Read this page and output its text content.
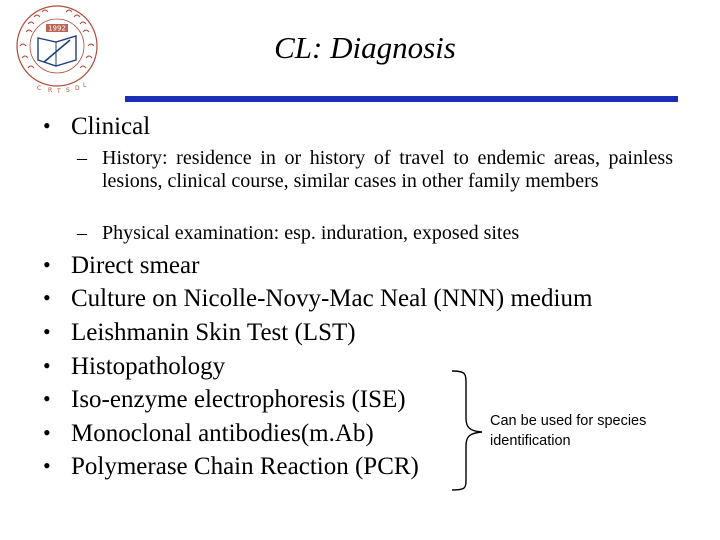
1992
C R T S D L
CL: Diagnosis
• Clinical
– History: residence in or history of travel to endemic areas, painless lesions, clinical course, similar cases in other family members
– Physical examination: esp. induration, exposed sites
• Direct smear
• Culture on Nicolle-Novy-Mac Neal (NNN) medium
• Leishmanin Skin Test (LST)
• Histopathology
• Iso-enzyme electrophoresis (ISE)
• Monoclonal antibodies(m.Ab)
• Polymerase Chain Reaction (PCR)
Can be used for species identification
